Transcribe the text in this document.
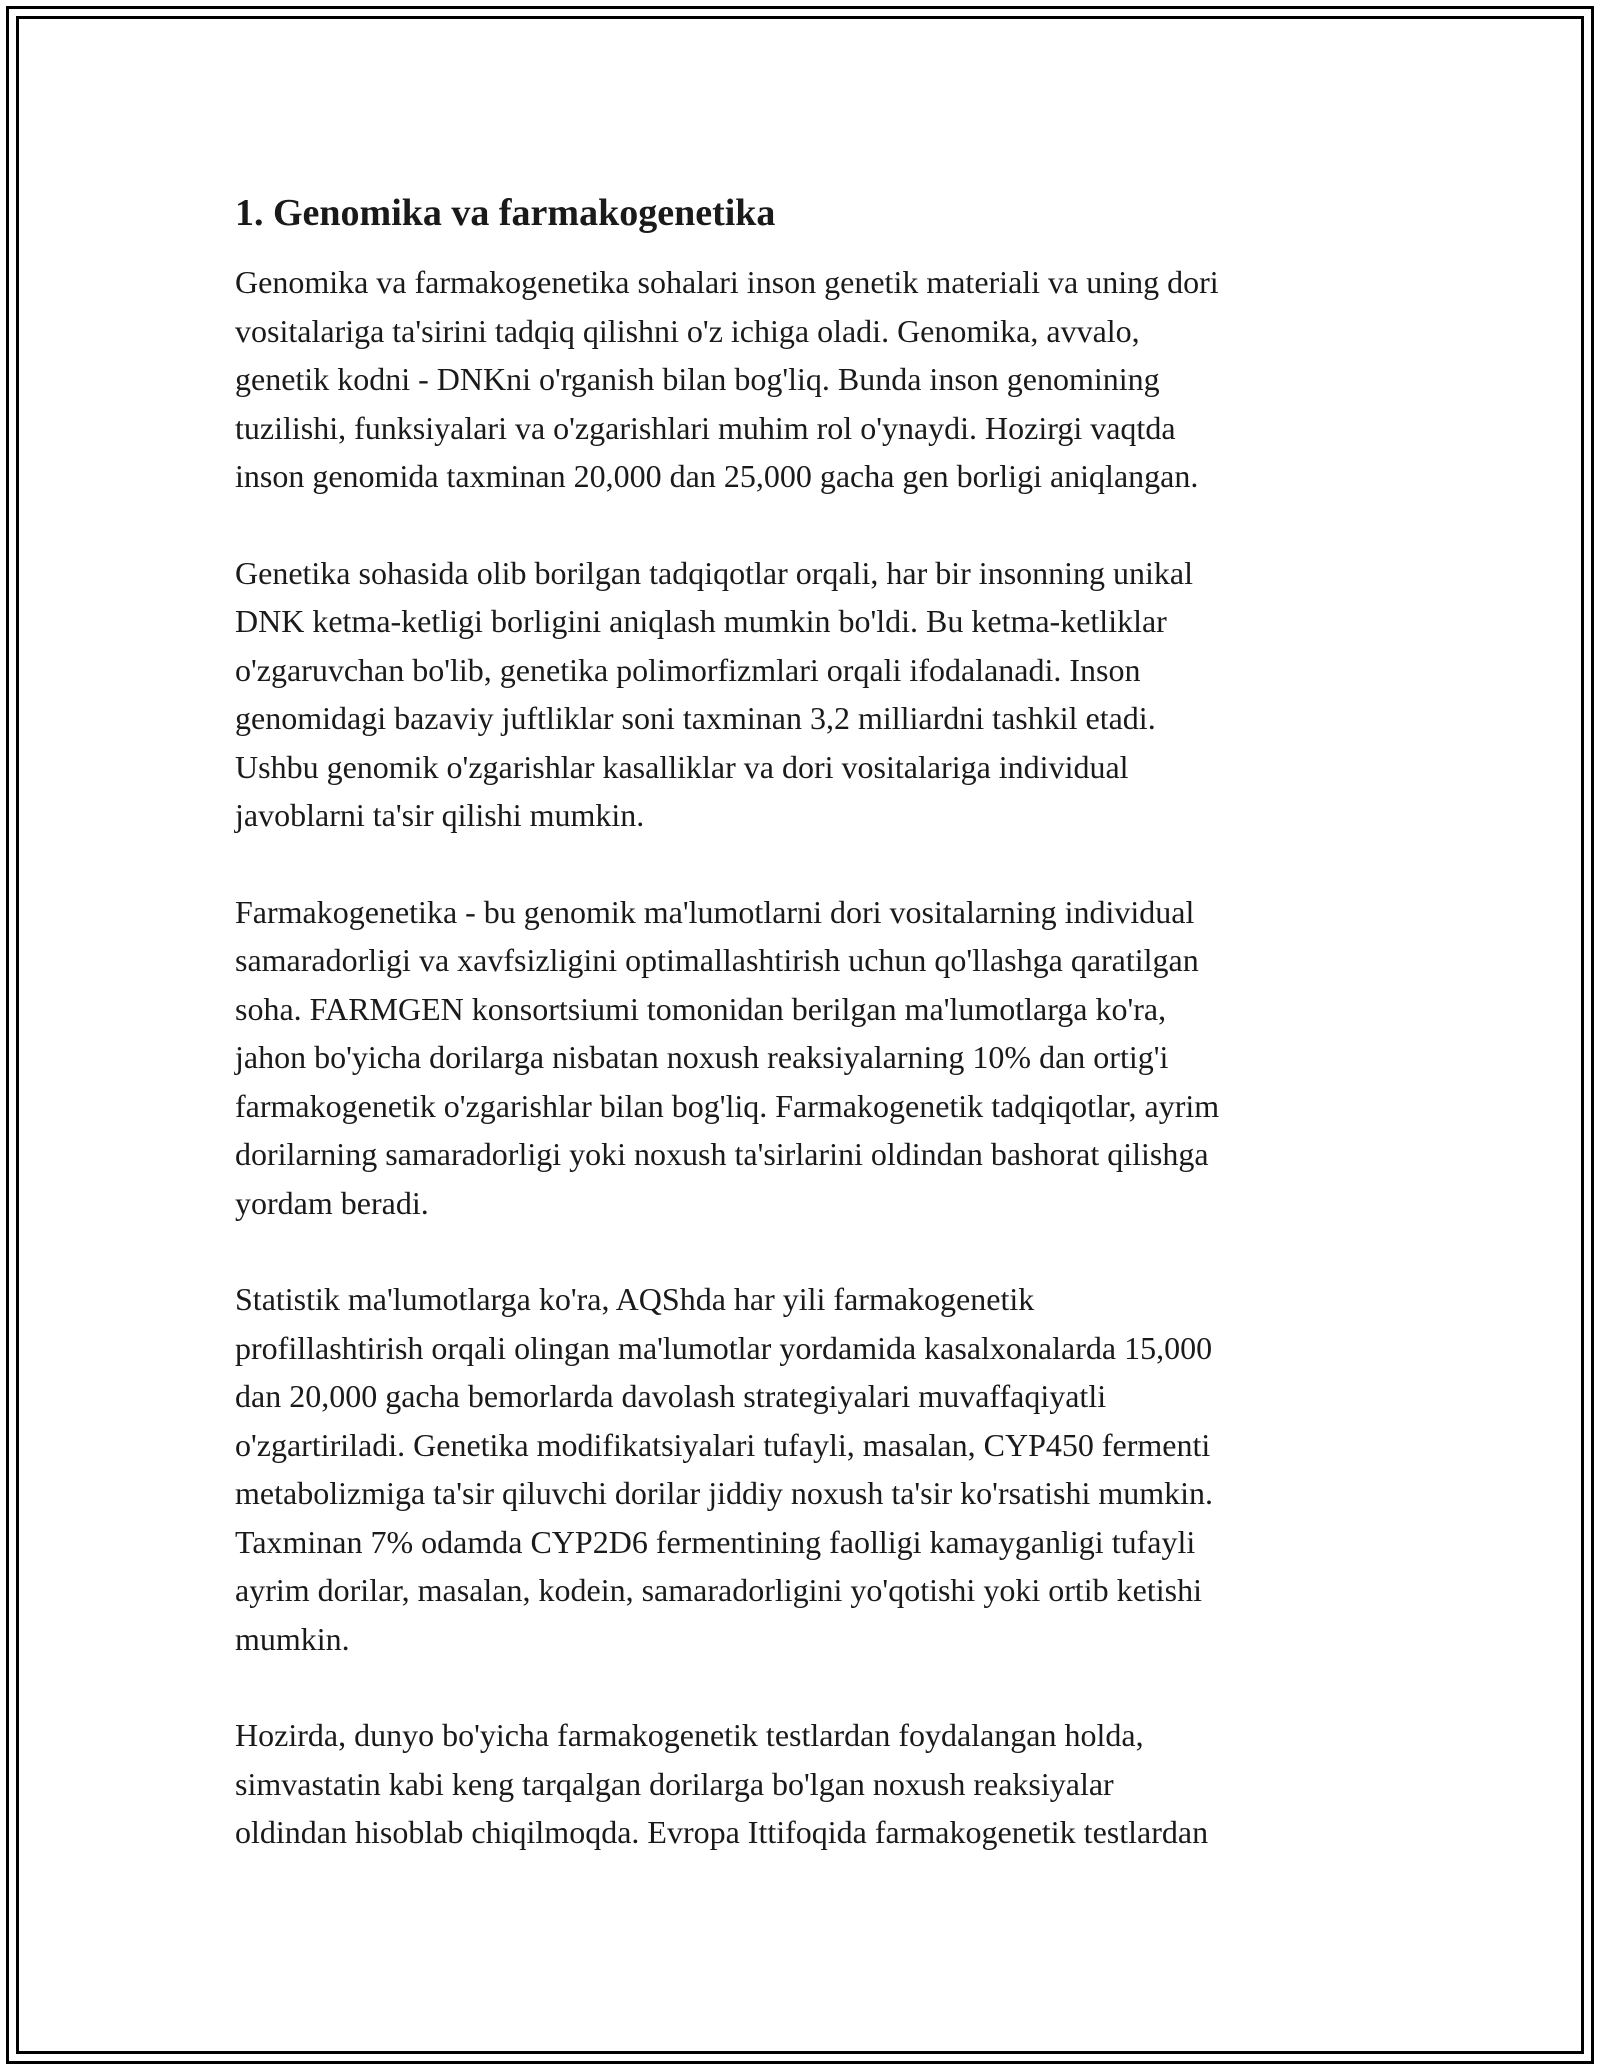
1. Genomika va farmakogenetika

Genomika va farmakogenetika sohalari inson genetik materiali va uning dori
vositalariga ta'sirini tadqiq qilishni o'z ichiga oladi. Genomika, avvalo,
genetik kodni - DNKni o'rganish bilan bog'liq. Bunda inson genomining
tuzilishi, funksiyalari va o'zgarishlari muhim rol o'ynaydi. Hozirgi vaqtda
inson genomida taxminan 20,000 dan 25,000 gacha gen borligi aniqlangan.

Genetika sohasida olib borilgan tadqiqotlar orqali, har bir insonning unikal
DNK ketma-ketligi borligini aniqlash mumkin bo'ldi. Bu ketma-ketliklar
o'zgaruvchan bo'lib, genetika polimorfizmlari orqali ifodalanadi. Inson
genomidagi bazaviy juftliklar soni taxminan 3,2 milliardni tashkil etadi.
Ushbu genomik o'zgarishlar kasalliklar va dori vositalariga individual
javoblarni ta'sir qilishi mumkin.

Farmakogenetika - bu genomik ma'lumotlarni dori vositalarning individual
samaradorligi va xavfsizligini optimallashtirish uchun qo'llashga qaratilgan
soha. FARMGEN konsortsiumi tomonidan berilgan ma'lumotlarga ko'ra,
jahon bo'yicha dorilarga nisbatan noxush reaksiyalarning 10% dan ortig'i
farmakogenetik o'zgarishlar bilan bog'liq. Farmakogenetik tadqiqotlar, ayrim
dorilarning samaradorligi yoki noxush ta'sirlarini oldindan bashorat qilishga
yordam beradi.

Statistik ma'lumotlarga ko'ra, AQShda har yili farmakogenetik
profillashtirish orqali olingan ma'lumotlar yordamida kasalxonalarda 15,000
dan 20,000 gacha bemorlarda davolash strategiyalari muvaffaqiyatli
o'zgartiriladi. Genetika modifikatsiyalari tufayli, masalan, CYP450 fermenti
metabolizmiga ta'sir qiluvchi dorilar jiddiy noxush ta'sir ko'rsatishi mumkin.
Taxminan 7% odamda CYP2D6 fermentining faolligi kamayganligi tufayli
ayrim dorilar, masalan, kodein, samaradorligini yo'qotishi yoki ortib ketishi
mumkin.

Hozirda, dunyo bo'yicha farmakogenetik testlardan foydalangan holda,
simvastatin kabi keng tarqalgan dorilarga bo'lgan noxush reaksiyalar
oldindan hisoblab chiqilmoqda. Evropa Ittifoqida farmakogenetik testlardan
